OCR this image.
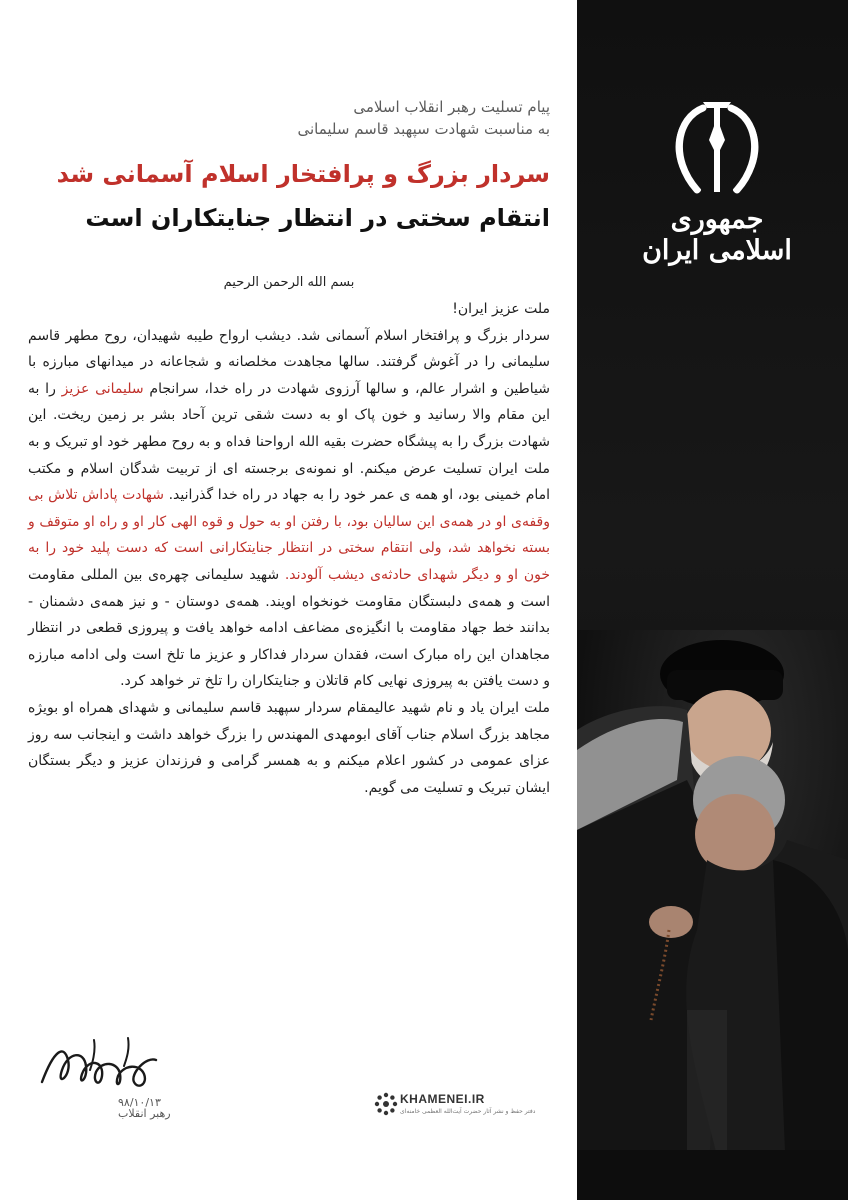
جمهوری اسلامی ایران
پیام تسلیت رهبر انقلاب اسلامی
به مناسبت شهادت سپهبد قاسم سلیمانی
سردار بزرگ و پرافتخار اسلام آسمانی شد
انتقام سختی در انتظار جنایتکاران است
بسم الله الرحمن الرحیم

ملت عزیز ایران!

سردار بزرگ و پرافتخار اسلام آسمانی شد. دیشب ارواح طیبه شهیدان، روح مطهر قاسم سلیمانی را در آغوش گرفتند. سالها مجاهدت مخلصانه و شجاعانه در میدانهای مبارزه با شیاطین و اشرار عالم، و سالها آرزوی شهادت در راه خدا، سرانجام سلیمانی عزیز را به این مقام والا رسانید و خون پاک او به دست شقی ترین آحاد بشر بر زمین ریخت. این شهادت بزرگ را به پیشگاه حضرت بقیه الله ارواحنا فداه و به روح مطهر خود او تبریک و به ملت ایران تسلیت عرض میکنم. او نمونه‌ی برجسته ای از تربیت شدگان اسلام و مکتب امام خمینی بود، او همه ی عمر خود را به جهاد در راه خدا گذرانید. شهادت پاداش تلاش بی وقفه‌ی او در همه‌ی این سالیان بود، با رفتن او به حول و قوه الهی کار او و راه او متوقف و بسته نخواهد شد، ولی انتقام سختی در انتظار جنایتکارانی است که دست پلید خود را به خون او و دیگر شهدای حادثه‌ی دیشب آلودند. شهید سلیمانی چهره‌ی بین المللی مقاومت است و همه‌ی دلبستگان مقاومت خونخواه اویند. همه‌ی دوستان - و نیز همه‌ی دشمنان - بدانند خط جهاد مقاومت با انگیزه‌ی مضاعف ادامه خواهد یافت و پیروزی قطعی در انتظار مجاهدان این راه مبارک است، فقدان سردار فداکار و عزیز ما تلخ است ولی ادامه مبارزه و دست یافتن به پیروزی نهایی کام قاتلان و جنایتکاران را تلخ تر خواهد کرد.

ملت ایران یاد و نام شهید عالیمقام سردار سپهبد قاسم سلیمانی و شهدای همراه او بویژه مجاهد بزرگ اسلام جناب آقای ابومهدی المهندس را بزرگ خواهد داشت و اینجانب سه روز عزای عمومی در کشور اعلام میکنم و به همسر گرامی و فرزندان عزیز و دیگر بستگان ایشان تبریک و تسلیت می گویم.

۹۸/۱۰/۱۳
رهبر انقلاب
KHAMENEI.IR
دفتر حفظ و نشر آثار حضرت آیت‌الله العظمی خامنه‌ای
